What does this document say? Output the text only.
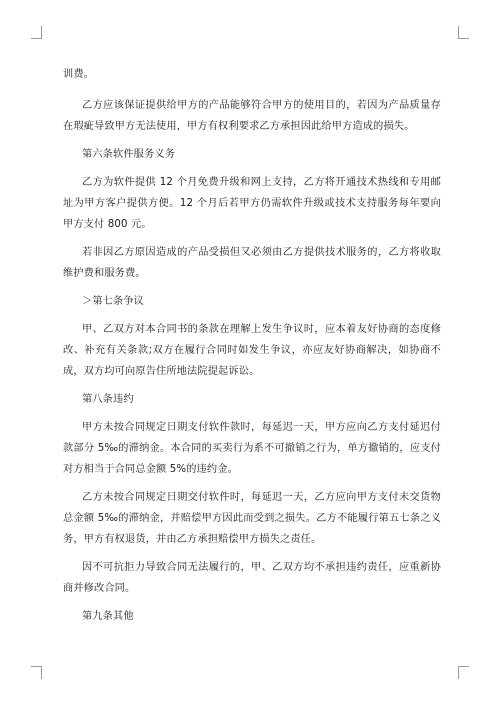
训费。

乙方应该保证提供给甲方的产品能够符合甲方的使用目的，若因为产品质量存在瑕疵导致甲方无法使用，甲方有权利要求乙方承担因此给甲方造成的损失。

第六条软件服务义务

乙方为软件提供 12 个月免费升级和网上支持，乙方将开通技术热线和专用邮址为甲方客户提供方便。12 个月后若甲方仍需软件升级或技术支持服务每年要向甲方支付 800 元。

若非因乙方原因造成的产品受损但又必须由乙方提供技术服务的，乙方将收取维护费和服务费。

＞第七条争议

甲、乙双方对本合同书的条款在理解上发生争议时，应本着友好协商的态度修改、补充有关条款;双方在履行合同时如发生争议，亦应友好协商解决，如协商不成，双方均可向原告住所地法院提起诉讼。

第八条违约

甲方未按合同规定日期支付软件款时，每延迟一天，甲方应向乙方支付延迟付款部分 5‰的滞纳金。本合同的买卖行为系不可撤销之行为，单方撤销的，应支付对方相当于合同总金额 5%的违约金。

乙方未按合同规定日期交付软件时，每延迟一天，乙方应向甲方支付未交货物总金额 5‰的滞纳金，并赔偿甲方因此而受到之损失。乙方不能履行第五七条之义务，甲方有权退货，并由乙方承担赔偿甲方损失之责任。

因不可抗拒力导致合同无法履行的，甲、乙双方均不承担违约责任，应重新协商并修改合同。

第九条其他
